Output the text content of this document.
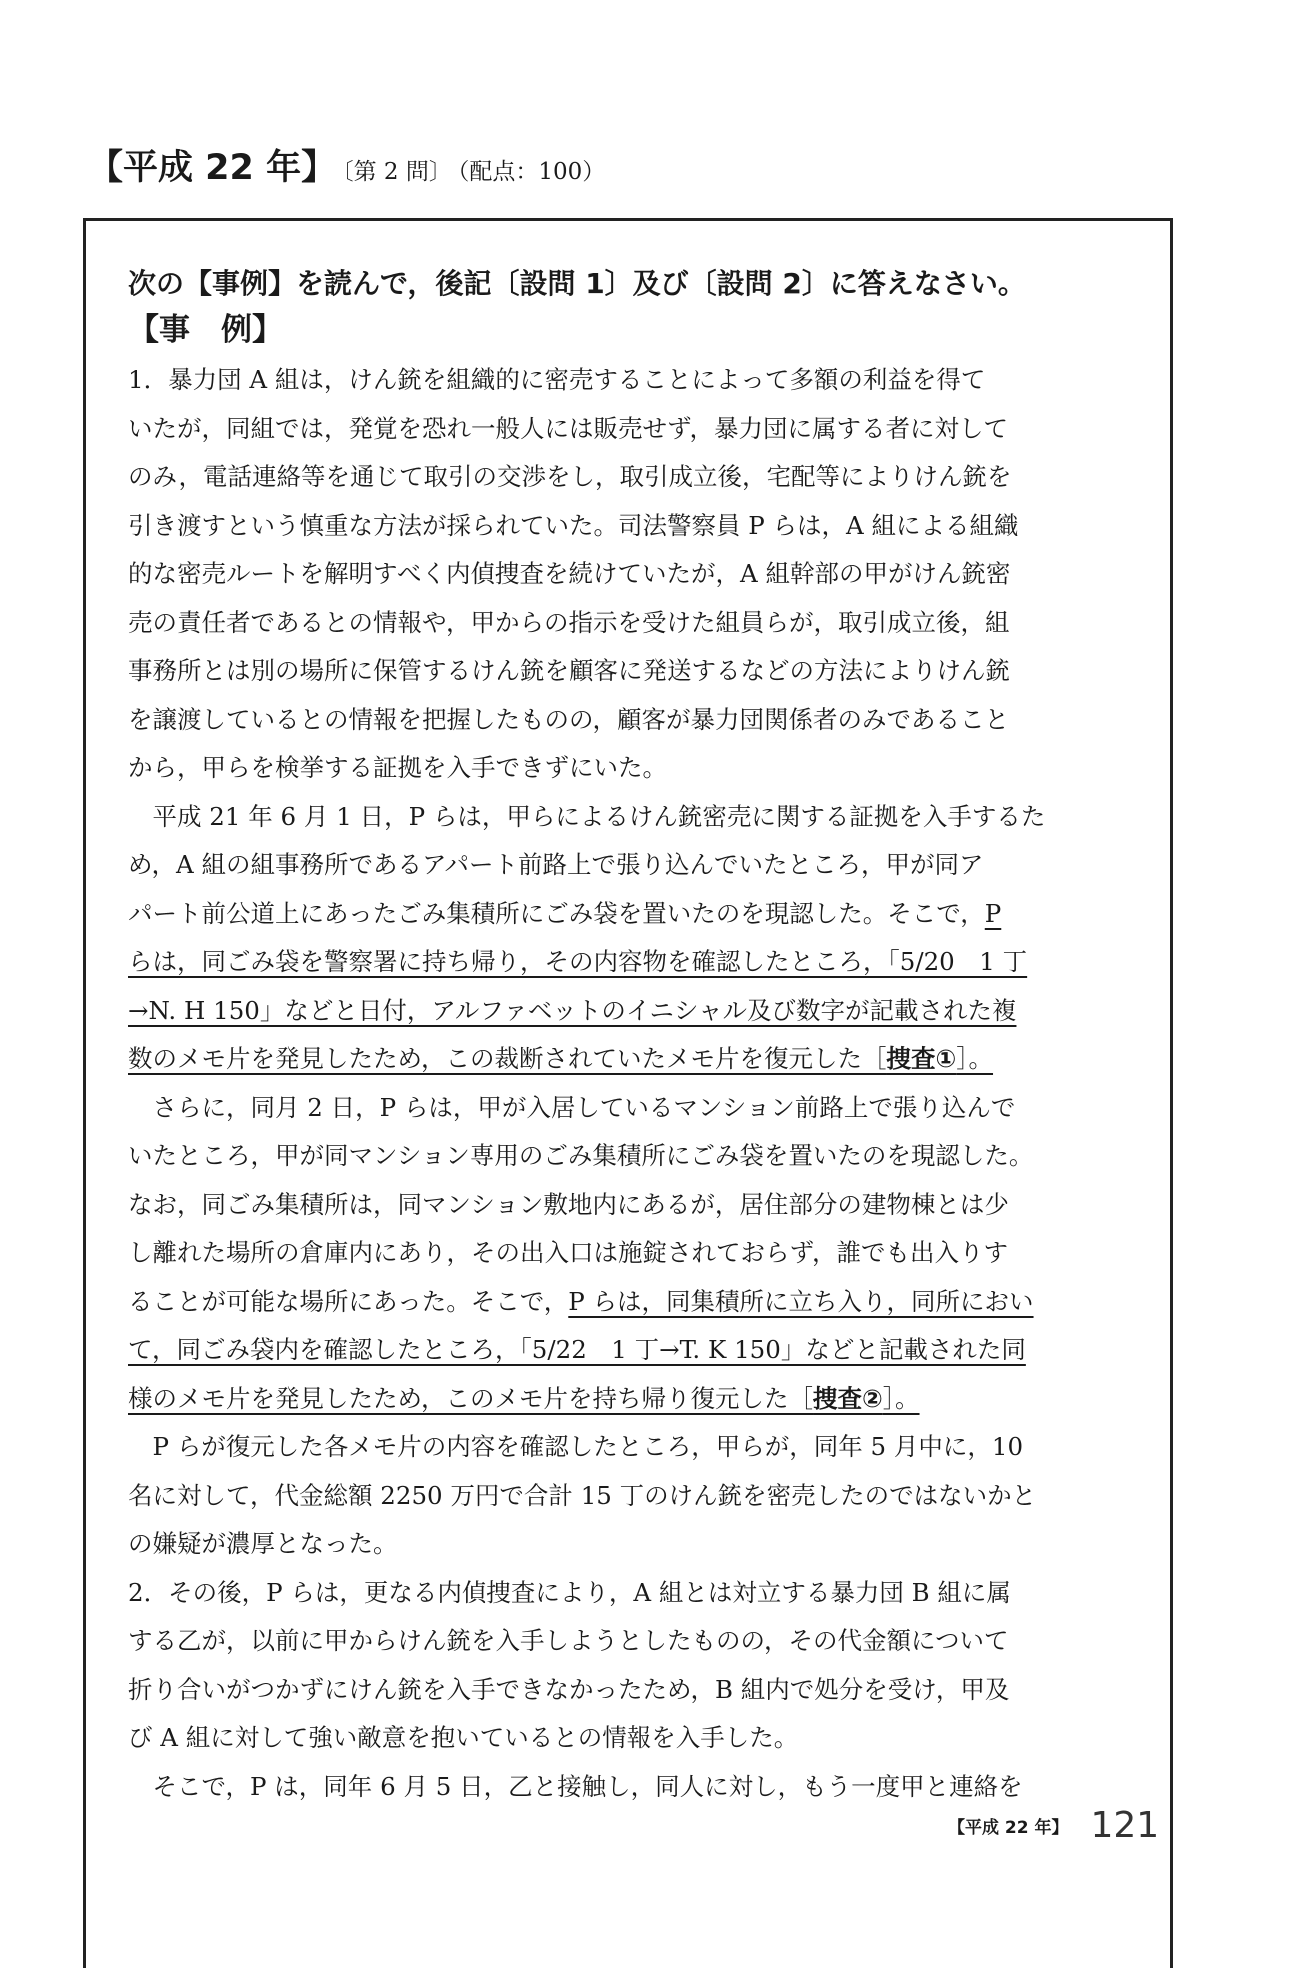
【平成 22 年】 〔第 2 問〕 （配点：100）

次の【事例】を読んで，後記〔設問 1〕及び〔設問 2〕に答えなさい。

【事　例】

1．暴力団 A 組は，けん銃を組織的に密売することによって多額の利益を得て
いたが，同組では，発覚を恐れ一般人には販売せず，暴力団に属する者に対して
のみ，電話連絡等を通じて取引の交渉をし，取引成立後，宅配等によりけん銃を
引き渡すという慎重な方法が採られていた。司法警察員 P らは，A 組による組織
的な密売ルートを解明すべく内偵捜査を続けていたが，A 組幹部の甲がけん銃密
売の責任者であるとの情報や，甲からの指示を受けた組員らが，取引成立後，組
事務所とは別の場所に保管するけん銃を顧客に発送するなどの方法によりけん銃
を譲渡しているとの情報を把握したものの，顧客が暴力団関係者のみであること
から，甲らを検挙する証拠を入手できずにいた。
　平成 21 年 6 月 1 日，P らは，甲らによるけん銃密売に関する証拠を入手するた
め，A 組の組事務所であるアパート前路上で張り込んでいたところ，甲が同ア
パート前公道上にあったごみ集積所にごみ袋を置いたのを現認した。そこで，P
らは，同ごみ袋を警察署に持ち帰り，その内容物を確認したところ，「5/20　1 丁
→N. H 150」などと日付，アルファベットのイニシャル及び数字が記載された複
数のメモ片を発見したため，この裁断されていたメモ片を復元した［捜査①］。
　さらに，同月 2 日，P らは，甲が入居しているマンション前路上で張り込んで
いたところ，甲が同マンション専用のごみ集積所にごみ袋を置いたのを現認した。
なお，同ごみ集積所は，同マンション敷地内にあるが，居住部分の建物棟とは少
し離れた場所の倉庫内にあり，その出入口は施錠されておらず，誰でも出入りす
ることが可能な場所にあった。そこで，P らは，同集積所に立ち入り，同所におい
て，同ごみ袋内を確認したところ，「5/22　1 丁→T. K 150」などと記載された同
様のメモ片を発見したため，このメモ片を持ち帰り復元した［捜査②］。
　P らが復元した各メモ片の内容を確認したところ，甲らが，同年 5 月中に，10
名に対して，代金総額 2250 万円で合計 15 丁のけん銃を密売したのではないかと
の嫌疑が濃厚となった。
2．その後，P らは，更なる内偵捜査により，A 組とは対立する暴力団 B 組に属
する乙が，以前に甲からけん銃を入手しようとしたものの，その代金額について
折り合いがつかずにけん銃を入手できなかったため，B 組内で処分を受け，甲及
び A 組に対して強い敵意を抱いているとの情報を入手した。
　そこで，P は，同年 6 月 5 日，乙と接触し，同人に対し，もう一度甲と連絡を
【平成 22 年】 121
